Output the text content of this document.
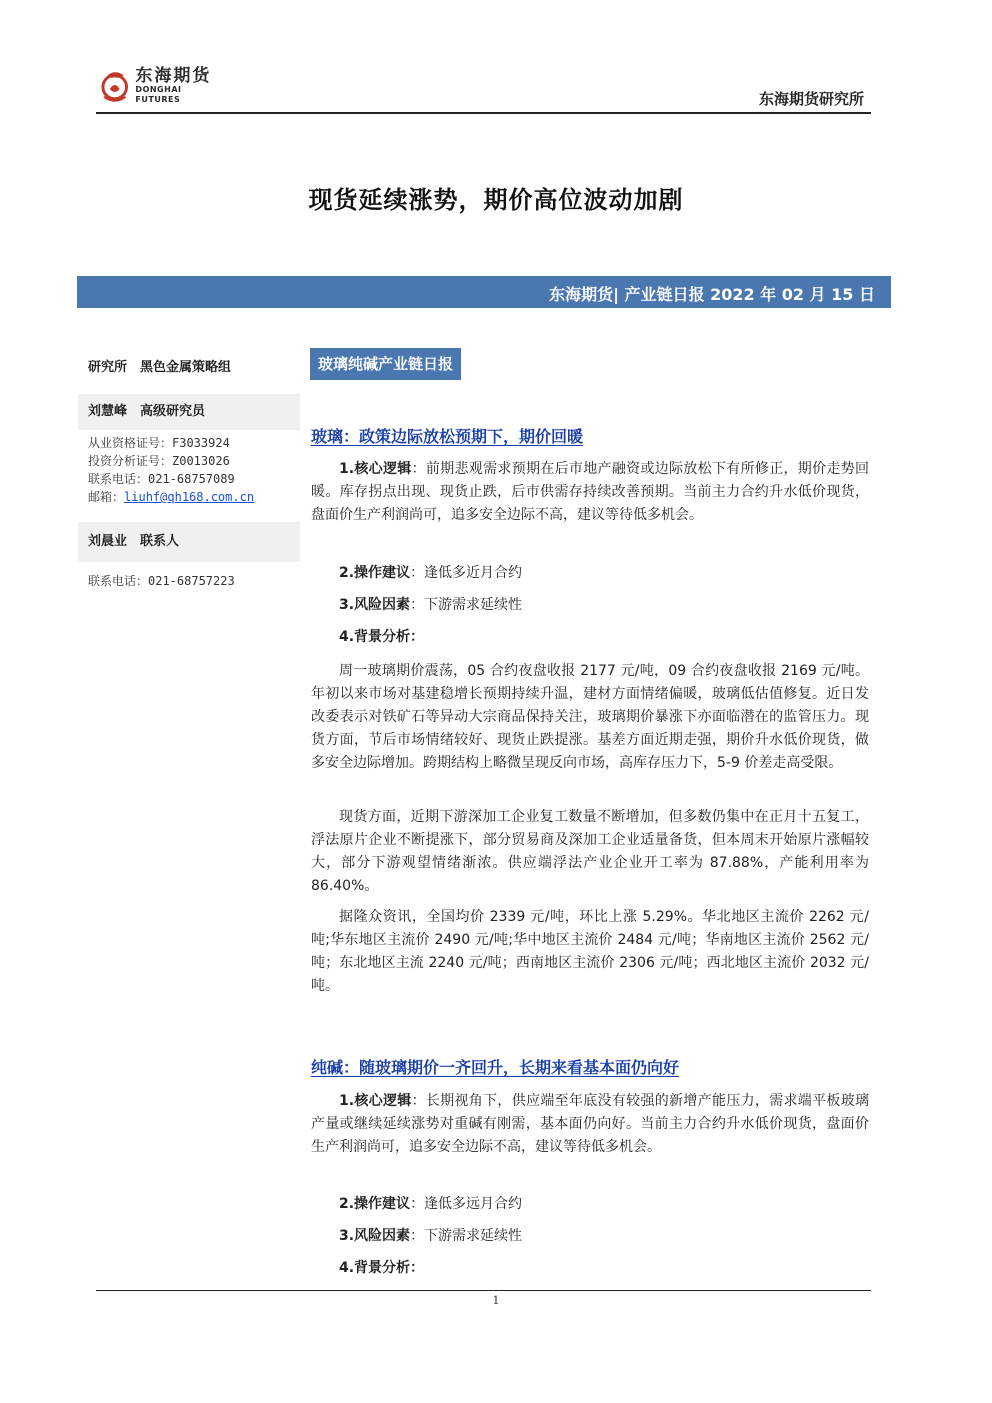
东海期货
DONGHAI FUTURES	东海期货研究所
现货延续涨势，期价高位波动加剧
东海期货| 产业链日报 2022 年 02 月 15 日
研究所　黑色金属策略组
刘慧峰　高级研究员
从业资格证号：F3033924
投资分析证号：Z0013026
联系电话：021-68757089
邮箱：liuhf@qh168.com.cn
刘晨业　联系人
联系电话：021-68757223
玻璃纯碱产业链日报
玻璃：政策边际放松预期下，期价回暖
1.核心逻辑：前期悲观需求预期在后市地产融资或边际放松下有所修正，期价走势回暖。库存拐点出现、现货止跌，后市供需存持续改善预期。当前主力合约升水低价现货，盘面价生产利润尚可，追多安全边际不高，建议等待低多机会。
2.操作建议：逢低多近月合约
3.风险因素：下游需求延续性
4.背景分析：
周一玻璃期价震荡，05 合约夜盘收报 2177 元/吨，09 合约夜盘收报 2169 元/吨。年初以来市场对基建稳增长预期持续升温，建材方面情绪偏暖，玻璃低估值修复。近日发改委表示对铁矿石等异动大宗商品保持关注，玻璃期价暴涨下亦面临潜在的监管压力。现货方面，节后市场情绪较好、现货止跌提涨。基差方面近期走强，期价升水低价现货，做多安全边际增加。跨期结构上略微呈现反向市场，高库存压力下，5-9 价差走高受限。
现货方面，近期下游深加工企业复工数量不断增加，但多数仍集中在正月十五复工，浮法原片企业不断提涨下，部分贸易商及深加工企业适量备货，但本周末开始原片涨幅较大，部分下游观望情绪渐浓。供应端浮法产业企业开工率为 87.88%，产能利用率为 86.40%。
据隆众资讯，全国均价 2339 元/吨，环比上涨 5.29%。华北地区主流价 2262 元/吨;华东地区主流价 2490 元/吨;华中地区主流价 2484 元/吨；华南地区主流价 2562 元/吨；东北地区主流 2240 元/吨；西南地区主流价 2306 元/吨；西北地区主流价 2032 元/吨。
纯碱：随玻璃期价一齐回升，长期来看基本面仍向好
1.核心逻辑：长期视角下，供应端至年底没有较强的新增产能压力，需求端平板玻璃产量或继续延续涨势对重碱有刚需，基本面仍向好。当前主力合约升水低价现货，盘面价生产利润尚可，追多安全边际不高，建议等待低多机会。
2.操作建议：逢低多远月合约
3.风险因素：下游需求延续性
4.背景分析：
1
